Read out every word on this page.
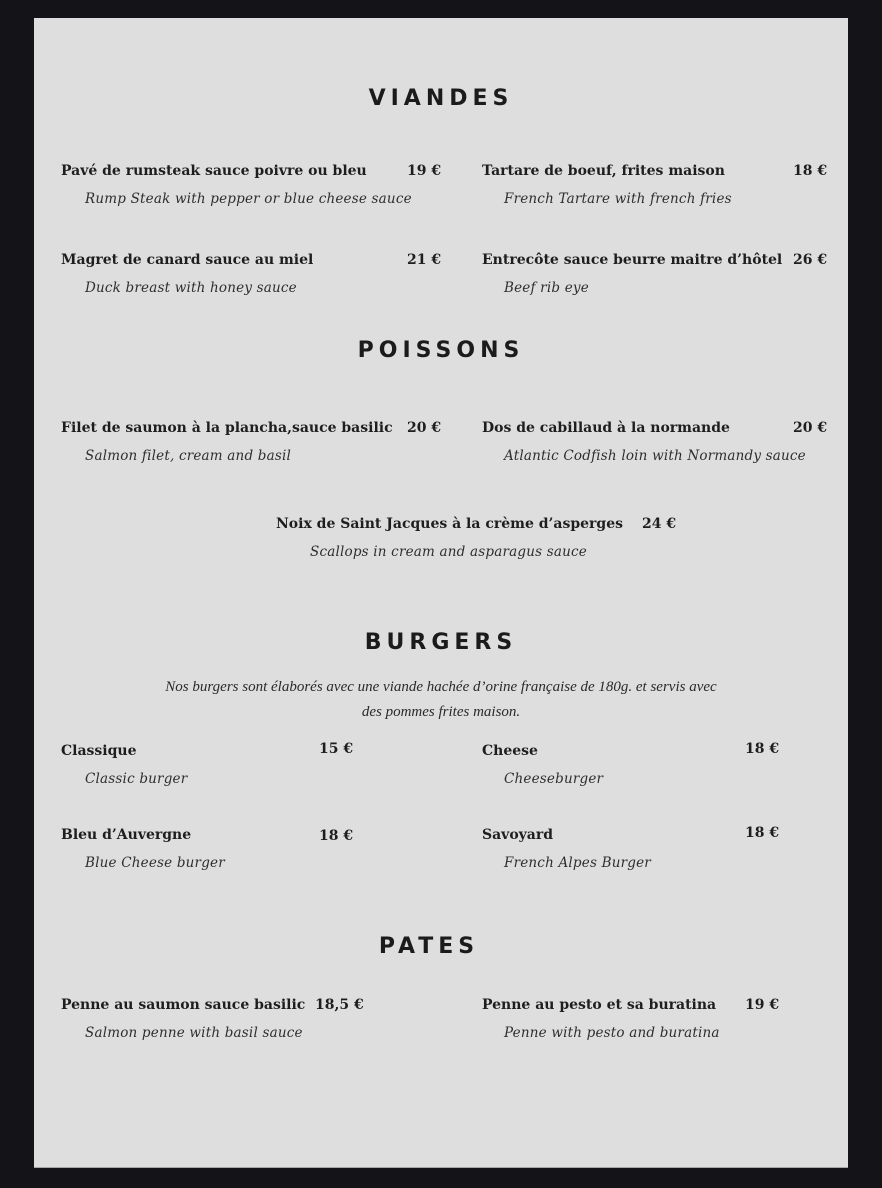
VIANDES
Pavé de rumsteak sauce poivre ou bleu	19 €
Rump Steak with pepper or blue cheese sauce
Tartare de boeuf, frites maison	18 €
French Tartare with french fries
Magret de canard sauce au miel	21 €
Duck breast with honey sauce
Entrecôte sauce beurre maitre d’hôtel 26 €
Beef rib eye
POISSONS
Filet de saumon à la plancha,sauce basilic 20 €
Salmon filet, cream and basil
Dos de cabillaud à la normande	20 €
Atlantic Codfish loin with Normandy sauce
Noix de Saint Jacques à la crème d’asperges 24 €
Scallops in cream and asparagus sauce
BURGERS
Nos burgers sont élaborés avec une viande hachée d’orine française de 180g. et servis avec
des pommes frites maison.
Classique	15 €
Classic burger
Cheese	18 €
Cheeseburger
Bleu d’Auvergne	18 €
Blue Cheese burger
Savoyard	18 €
French Alpes Burger
PATES
Penne au saumon sauce basilic 18,5 €
Salmon penne with basil sauce
Penne au pesto et sa buratina 19 €
Penne with pesto and buratina
